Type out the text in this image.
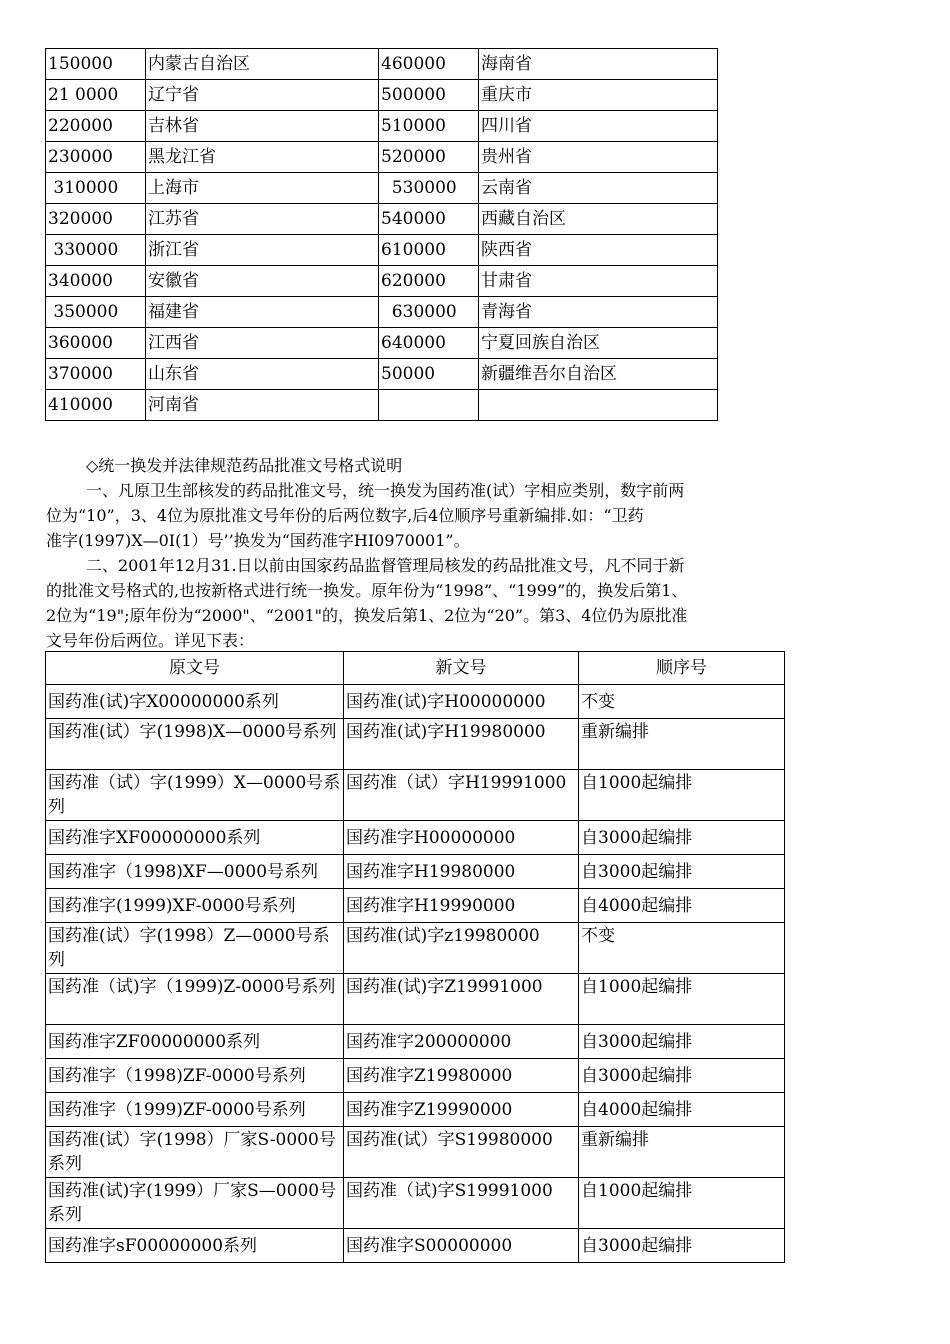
150000	内蒙古自治区	460000	海南省
21 0000	辽宁省	500000	重庆市
220000	吉林省	510000	四川省
230000	黑龙江省	520000	贵州省
310000	上海市	530000	云南省
320000	江苏省	540000	西藏自治区
330000	浙江省	610000	陕西省
340000	安徽省	620000	甘肃省
350000	福建省	630000	青海省
360000	江西省	640000	宁夏回族自治区
370000	山东省	50000	新疆维吾尔自治区
410000	河南省		

◇统一换发并法律规范药品批准文号格式说明

一、凡原卫生部核发的药品批准文号，统一换发为国药准(试）字相应类别，数字前两

位为“10”，3、4位为原批准文号年份的后两位数字,后4位顺序号重新编排.如：“卫药

准字(1997)X—0I(1）号’’换发为“国药准字HI0970001”。

二、2001年12月31.日以前由国家药品监督管理局核发的药品批准文号，凡不同于新

的批准文号格式的,也按新格式进行统一换发。原年份为“1998”、“1999”的，换发后第1、

2位为“19";原年份为“2000"、“2001"的，换发后第1、2位为“20”。第3、4位仍为原批准

文号年份后两位。详见下表：

原文号	新文号	顺序号
国药准(试)字X00000000系列	国药准(试)字H00000000	不变
国药准(试）字(1998)X—0000号系列	国药准(试)字H19980000	重新编排
国药准（试）字(1999）X—0000号系列	国药准（试）字H19991000	自1000起编排
国药准字XF00000000系列	国药准字H00000000	自3000起编排
国药准字（1998)XF—0000号系列	国药准字H19980000	自3000起编排
国药准字(1999)XF-0000号系列	国药准字H19990000	自4000起编排
国药准(试）字(1998）Z—0000号系列	国药准(试)字z19980000	不变
国药准（试)字（1999)Z-0000号系列	国药准(试)字Z19991000	自1000起编排
国药准字ZF00000000系列	国药准字200000000	自3000起编排
国药准字（1998)ZF-0000号系列	国药准字Z19980000	自3000起编排
国药准字（1999)ZF-0000号系列	国药准字Z19990000	自4000起编排
国药准(试）字(1998）厂家S-0000号系列	国药准(试）字S19980000	重新编排
国药准(试)字(1999）厂家S—0000号系列	国药准（试)字S19991000	自1000起编排
国药准字sF00000000系列	国药准字S00000000	自3000起编排
